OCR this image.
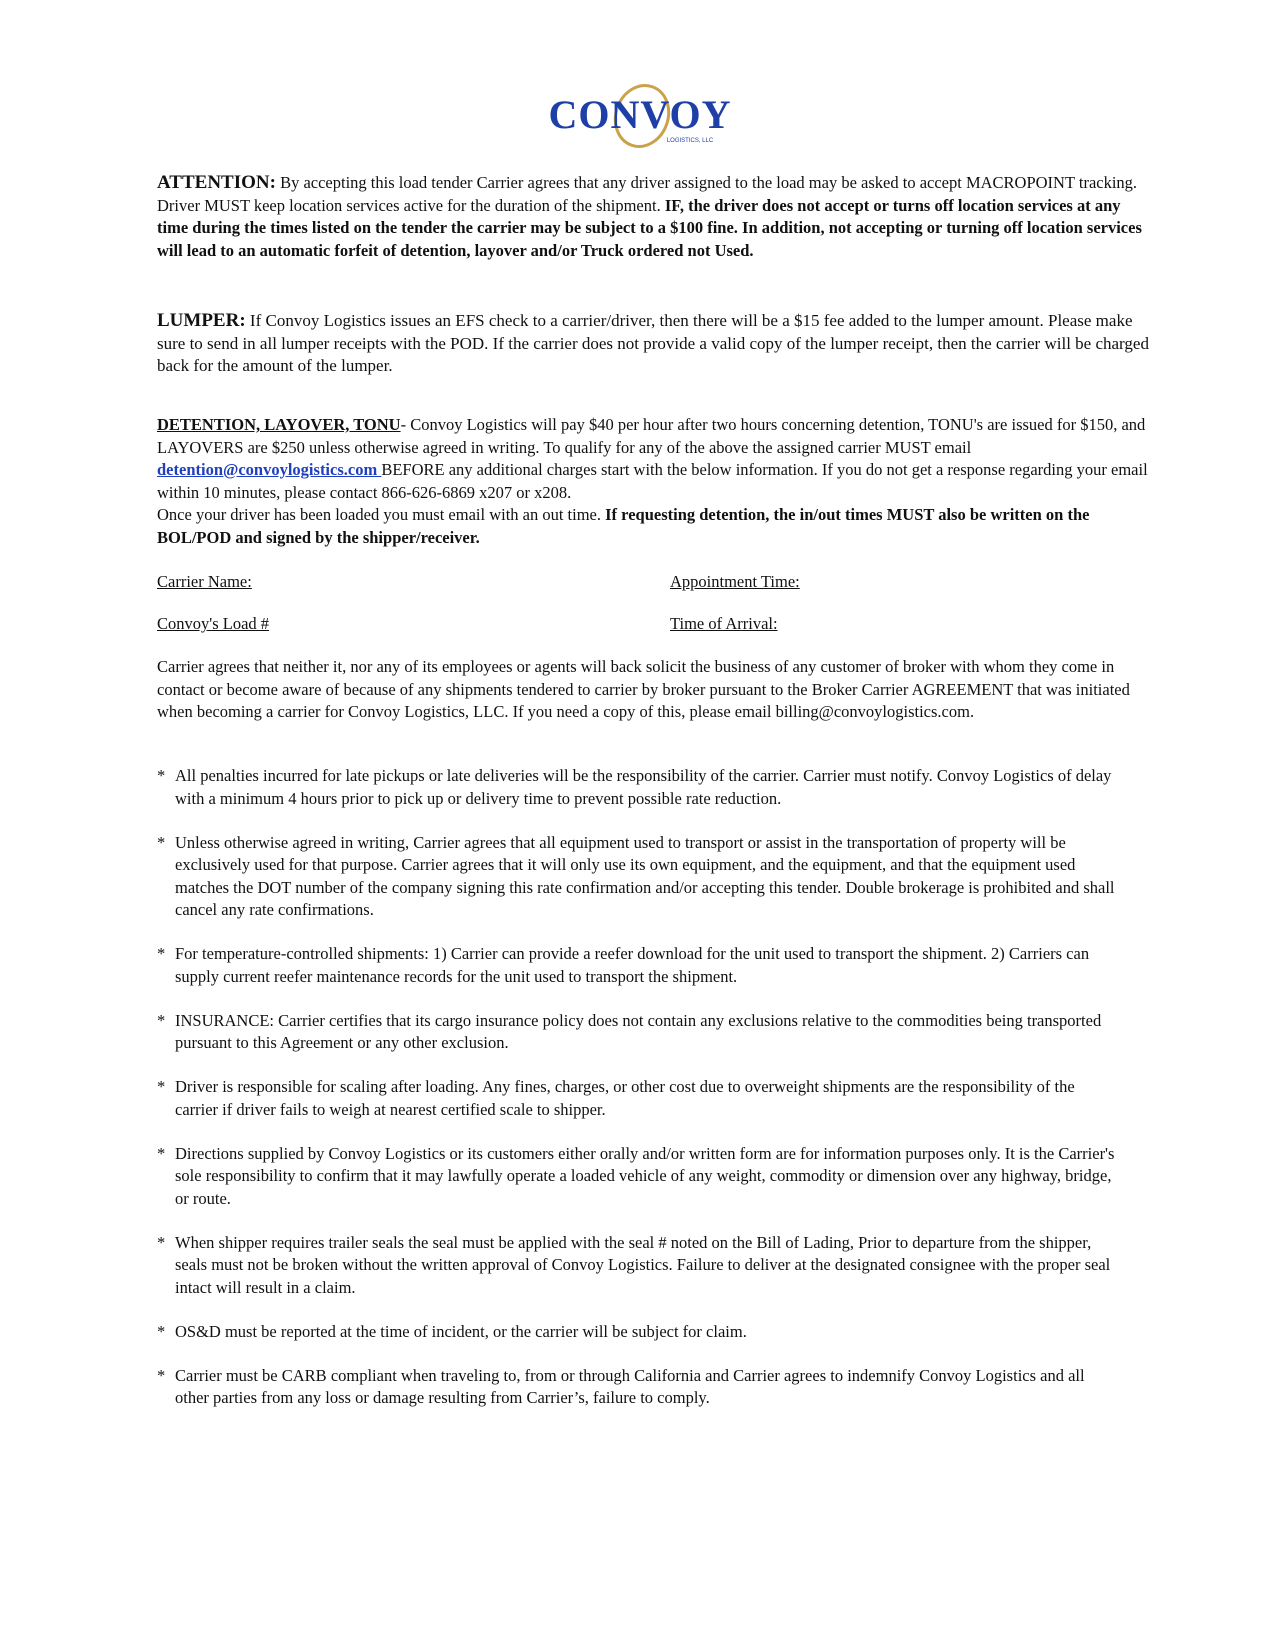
CONVOY
LOGISTICS, LLC
ATTENTION: By accepting this load tender Carrier agrees that any driver assigned to the load may be asked to accept MACROPOINT tracking. Driver MUST keep location services active for the duration of the shipment. IF, the driver does not accept or turns off location services at any time during the times listed on the tender the carrier may be subject to a $100 fine. In addition, not accepting or turning off location services will lead to an automatic forfeit of detention, layover and/or Truck ordered not Used.
LUMPER: If Convoy Logistics issues an EFS check to a carrier/driver, then there will be a $15 fee added to the lumper amount. Please make sure to send in all lumper receipts with the POD. If the carrier does not provide a valid copy of the lumper receipt, then the carrier will be charged back for the amount of the lumper.
DETENTION, LAYOVER, TONU- Convoy Logistics will pay $40 per hour after two hours concerning detention, TONU's are issued for $150, and LAYOVERS are $250 unless otherwise agreed in writing. To qualify for any of the above the assigned carrier MUST email detention@convoylogistics.com BEFORE any additional charges start with the below information. If you do not get a response regarding your email within 10 minutes, please contact 866-626-6869 x207 or x208.
Once your driver has been loaded you must email with an out time. If requesting detention, the in/out times MUST also be written on the BOL/POD and signed by the shipper/receiver.
Carrier Name:	Appointment Time:
Convoy's Load #	Time of Arrival:
Carrier agrees that neither it, nor any of its employees or agents will back solicit the business of any customer of broker with whom they come in contact or become aware of because of any shipments tendered to carrier by broker pursuant to the Broker Carrier AGREEMENT that was initiated when becoming a carrier for Convoy Logistics, LLC. If you need a copy of this, please email billing@convoylogistics.com.
* All penalties incurred for late pickups or late deliveries will be the responsibility of the carrier. Carrier must notify. Convoy Logistics of delay with a minimum 4 hours prior to pick up or delivery time to prevent possible rate reduction.
* Unless otherwise agreed in writing, Carrier agrees that all equipment used to transport or assist in the transportation of property will be exclusively used for that purpose. Carrier agrees that it will only use its own equipment, and the equipment, and that the equipment used matches the DOT number of the company signing this rate confirmation and/or accepting this tender. Double brokerage is prohibited and shall cancel any rate confirmations.
* For temperature-controlled shipments: 1) Carrier can provide a reefer download for the unit used to transport the shipment. 2) Carriers can supply current reefer maintenance records for the unit used to transport the shipment.
* INSURANCE: Carrier certifies that its cargo insurance policy does not contain any exclusions relative to the commodities being transported pursuant to this Agreement or any other exclusion.
* Driver is responsible for scaling after loading. Any fines, charges, or other cost due to overweight shipments are the responsibility of the carrier if driver fails to weigh at nearest certified scale to shipper.
* Directions supplied by Convoy Logistics or its customers either orally and/or written form are for information purposes only. It is the Carrier's sole responsibility to confirm that it may lawfully operate a loaded vehicle of any weight, commodity or dimension over any highway, bridge, or route.
* When shipper requires trailer seals the seal must be applied with the seal # noted on the Bill of Lading, Prior to departure from the shipper, seals must not be broken without the written approval of Convoy Logistics. Failure to deliver at the designated consignee with the proper seal intact will result in a claim.
* OS&D must be reported at the time of incident, or the carrier will be subject for claim.
* Carrier must be CARB compliant when traveling to, from or through California and Carrier agrees to indemnify Convoy Logistics and all other parties from any loss or damage resulting from Carrier’s, failure to comply.
